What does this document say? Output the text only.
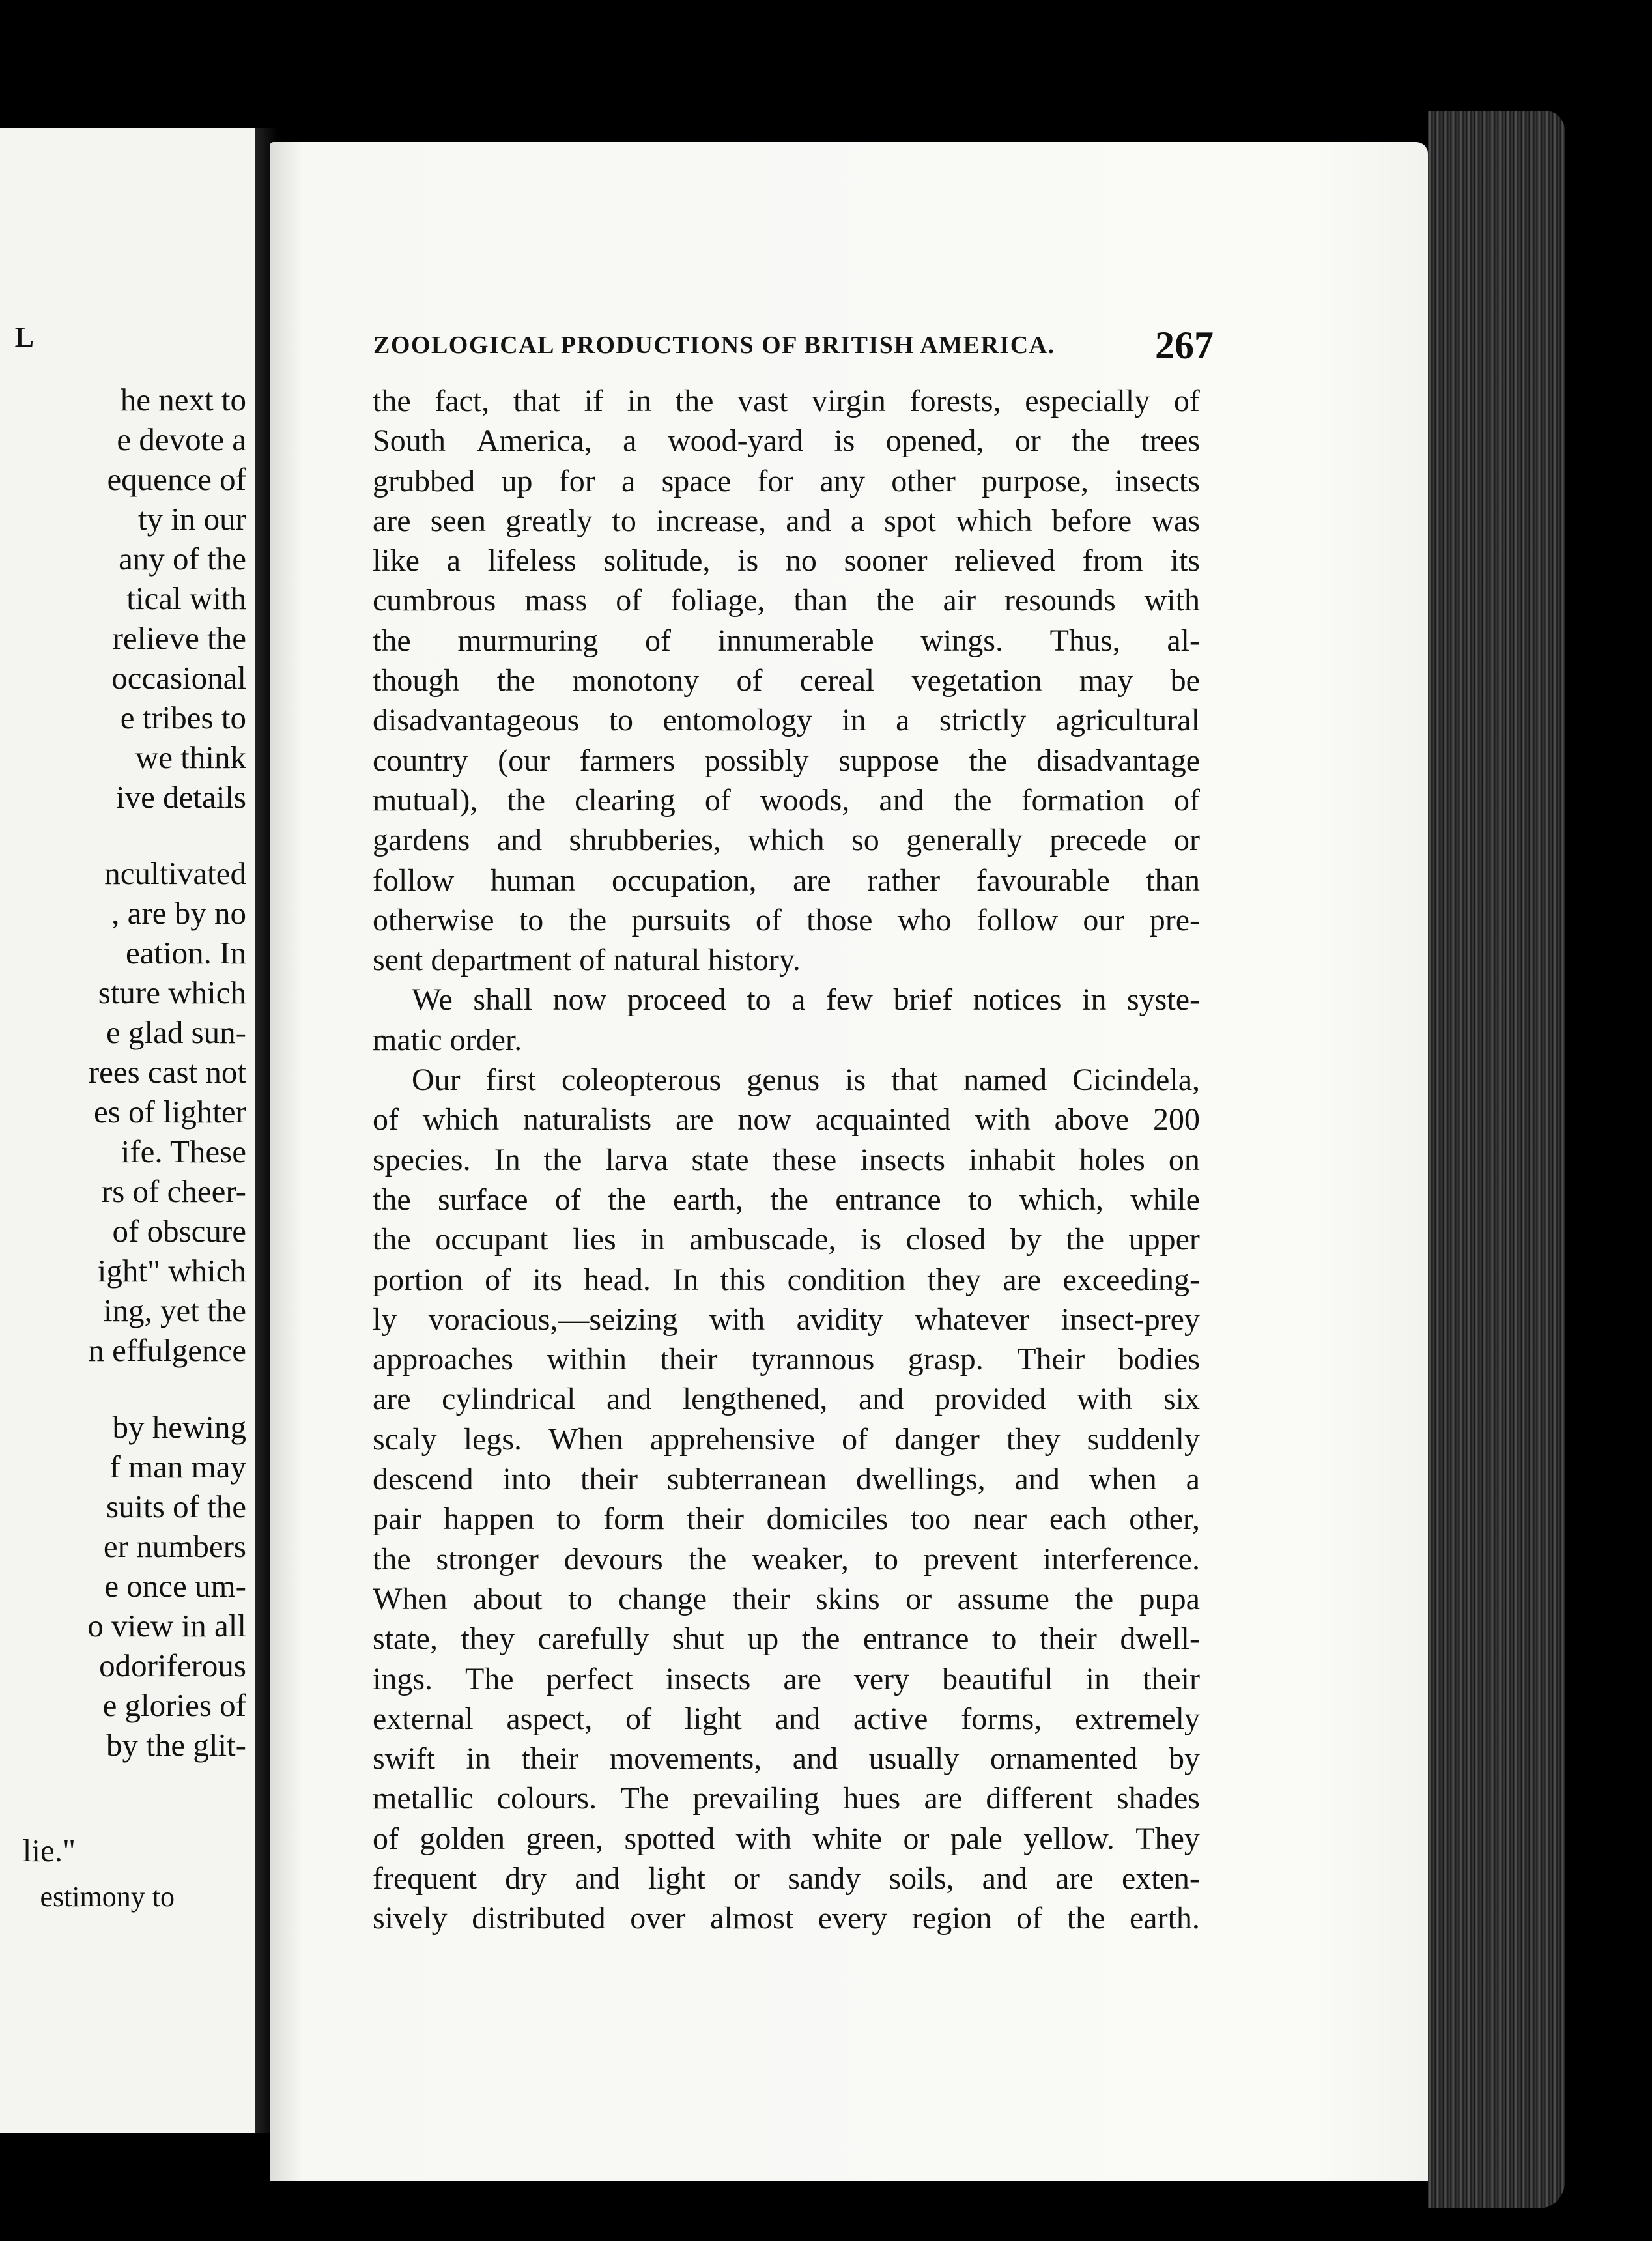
L
he next to
e devote a
equence of
ty in our
any of the
tical with
relieve the
occasional
e tribes to
we think
ive details
ncultivated
, are by no
eation. In
sture which
e glad sun-
rees cast not
es of lighter
ife. These
rs of cheer-
of obscure
ight" which
ing, yet the
n effulgence
by hewing
f man may
suits of the
er numbers
e once um-
o view in all
odoriferous
e glories of
by the glit-
lie."
estimony to
ZOOLOGICAL PRODUCTIONS OF BRITISH AMERICA.	267
the fact, that if in the vast virgin forests, especially of
South America, a wood-yard is opened, or the trees
grubbed up for a space for any other purpose, insects
are seen greatly to increase, and a spot which before was
like a lifeless solitude, is no sooner relieved from its
cumbrous mass of foliage, than the air resounds with
the murmuring of innumerable wings. Thus, al-
though the monotony of cereal vegetation may be
disadvantageous to entomology in a strictly agricultural
country (our farmers possibly suppose the disadvantage
mutual), the clearing of woods, and the formation of
gardens and shrubberies, which so generally precede or
follow human occupation, are rather favourable than
otherwise to the pursuits of those who follow our pre-
sent department of natural history.
We shall now proceed to a few brief notices in syste-
matic order.
Our first coleopterous genus is that named Cicindela,
of which naturalists are now acquainted with above 200
species. In the larva state these insects inhabit holes on
the surface of the earth, the entrance to which, while
the occupant lies in ambuscade, is closed by the upper
portion of its head. In this condition they are exceeding-
ly voracious,—seizing with avidity whatever insect-prey
approaches within their tyrannous grasp. Their bodies
are cylindrical and lengthened, and provided with six
scaly legs. When apprehensive of danger they suddenly
descend into their subterranean dwellings, and when a
pair happen to form their domiciles too near each other,
the stronger devours the weaker, to prevent interference.
When about to change their skins or assume the pupa
state, they carefully shut up the entrance to their dwell-
ings. The perfect insects are very beautiful in their
external aspect, of light and active forms, extremely
swift in their movements, and usually ornamented by
metallic colours. The prevailing hues are different shades
of golden green, spotted with white or pale yellow. They
frequent dry and light or sandy soils, and are exten-
sively distributed over almost every region of the earth.
